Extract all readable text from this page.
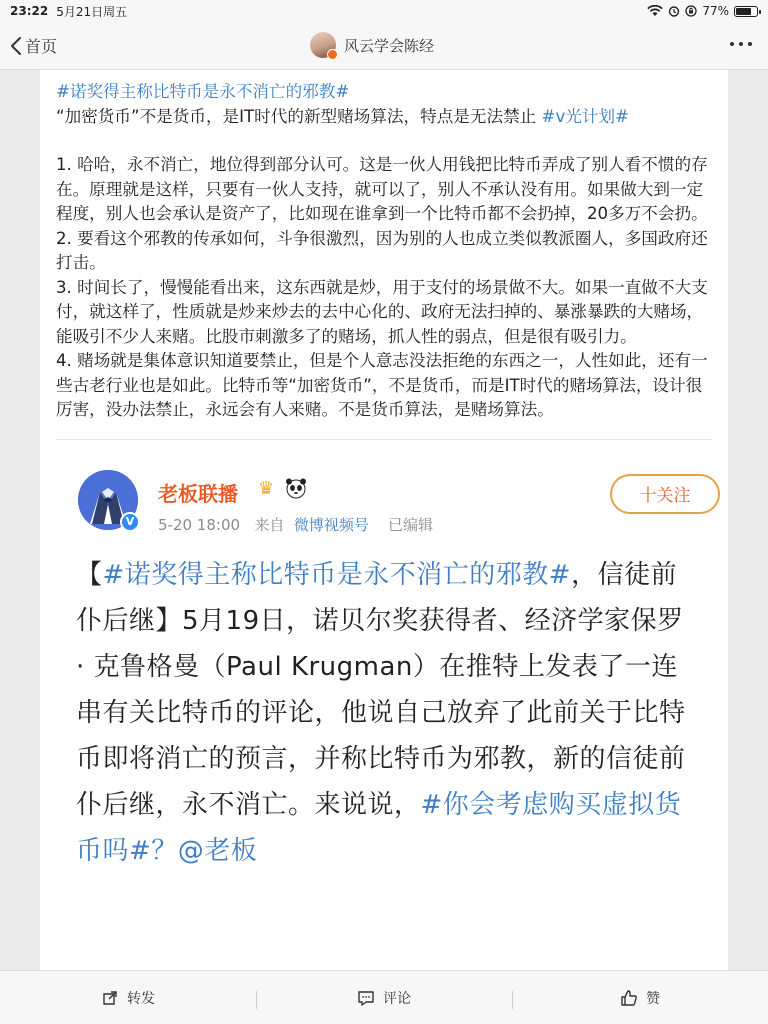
23:22 5月21日周五	77%
首页	风云学会陈经

#诺奖得主称比特币是永不消亡的邪教#

“加密货币”不是货币，是IT时代的新型赌场算法，特点是无法禁止 #v光计划#

1. 哈哈，永不消亡，地位得到部分认可。这是一伙人用钱把比特币弄成了别人看不惯的存在。原理就是这样，只要有一伙人支持，就可以了，别人不承认没有用。如果做大到一定程度，别人也会承认是资产了，比如现在谁拿到一个比特币都不会扔掉，20多万不会扔。

2. 要看这个邪教的传承如何，斗争很激烈，因为别的人也成立类似教派圈人，多国政府还打击。

3. 时间长了，慢慢能看出来，这东西就是炒，用于支付的场景做不大。如果一直做不大支付，就这样了，性质就是炒来炒去的去中心化的、政府无法扫掉的、暴涨暴跌的大赌场，能吸引不少人来赌。比股市刺激多了的赌场，抓人性的弱点，但是很有吸引力。

4. 赌场就是集体意识知道要禁止，但是个人意志没法拒绝的东西之一，人性如此，还有一些古老行业也是如此。比特币等“加密货币”，不是货币，而是IT时代的赌场算法，设计很厉害，没办法禁止，永远会有人来赌。不是货币算法，是赌场算法。

V
老板联播 ♛
5-20 18:00 来自 微博视频号 已编辑
十关注
【#诺奖得主称比特币是永不消亡的邪教#，信徒前仆后继】5月19日，诺贝尔奖获得者、经济学家保罗 · 克鲁格曼（Paul Krugman）在推特上发表了一连串有关比特币的评论，他说自己放弃了此前关于比特币即将消亡的预言，并称比特币为邪教，新的信徒前仆后继，永不消亡。来说说，#你会考虑购买虚拟货币吗#？@老板
转发	评论	赞
